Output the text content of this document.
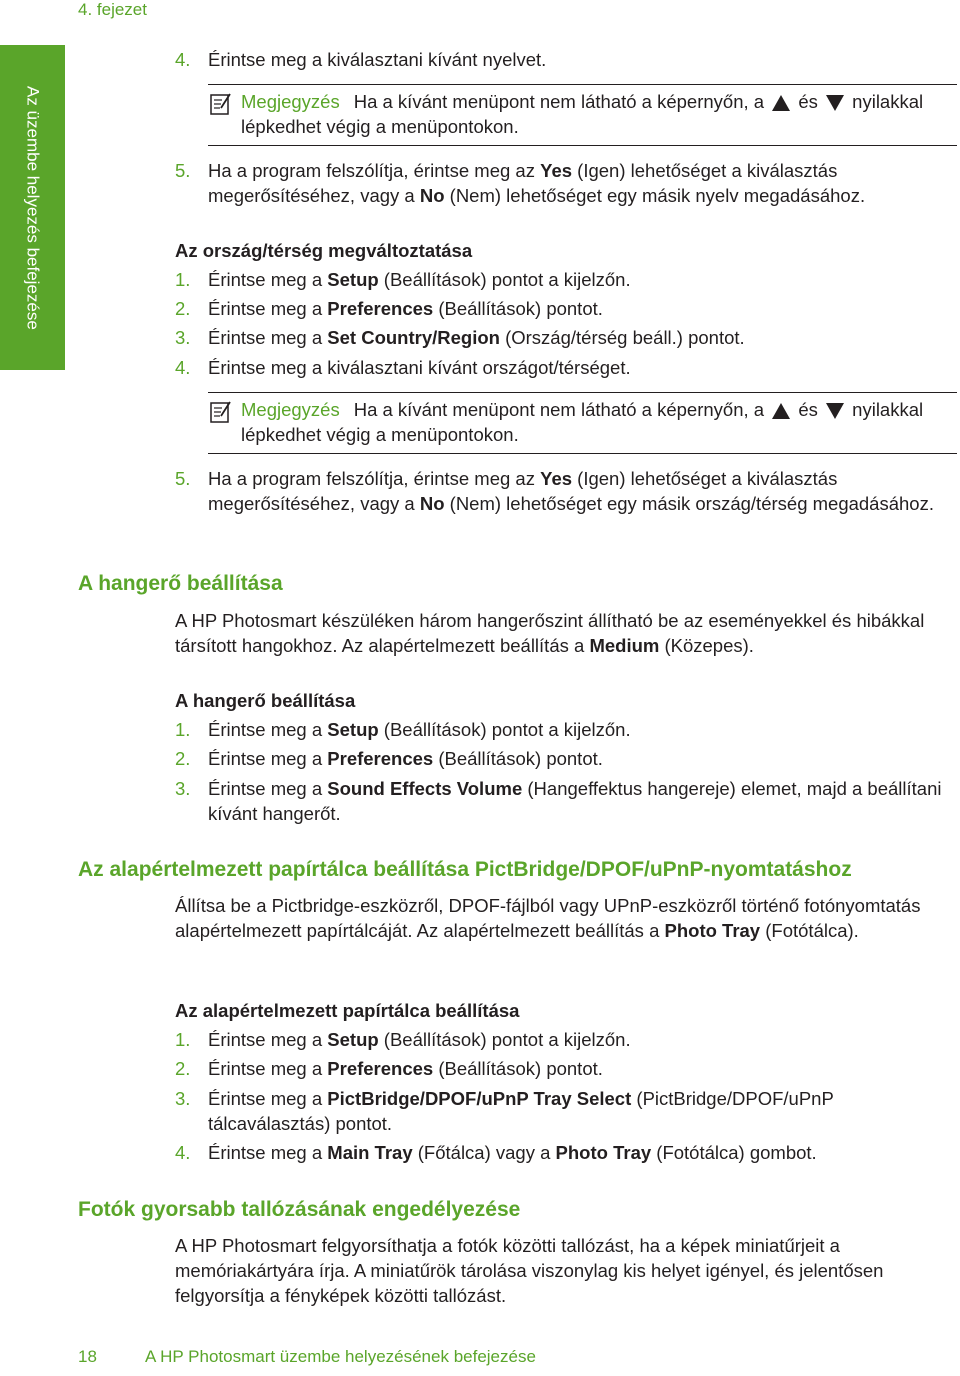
4. fejezet
Az üzembe helyezés befejezése
4. Érintse meg a kiválasztani kívánt nyelvet.
Megjegyzés Ha a kívánt menüpont nem látható a képernyőn, a és nyilakkal lépkedhet végig a menüpontokon.
5. Ha a program felszólítja, érintse meg az Yes (Igen) lehetőséget a kiválasztás megerősítéséhez, vagy a No (Nem) lehetőséget egy másik nyelv megadásához.
Az ország/térség megváltoztatása
1. Érintse meg a Setup (Beállítások) pontot a kijelzőn.
2. Érintse meg a Preferences (Beállítások) pontot.
3. Érintse meg a Set Country/Region (Ország/térség beáll.) pontot.
4. Érintse meg a kiválasztani kívánt országot/térséget.
Megjegyzés Ha a kívánt menüpont nem látható a képernyőn, a és nyilakkal lépkedhet végig a menüpontokon.
5. Ha a program felszólítja, érintse meg az Yes (Igen) lehetőséget a kiválasztás megerősítéséhez, vagy a No (Nem) lehetőséget egy másik ország/térség megadásához.
A hangerő beállítása
A HP Photosmart készüléken három hangerőszint állítható be az eseményekkel és hibákkal társított hangokhoz. Az alapértelmezett beállítás a Medium (Közepes).
A hangerő beállítása
1. Érintse meg a Setup (Beállítások) pontot a kijelzőn.
2. Érintse meg a Preferences (Beállítások) pontot.
3. Érintse meg a Sound Effects Volume (Hangeffektus hangereje) elemet, majd a beállítani kívánt hangerőt.
Az alapértelmezett papírtálca beállítása PictBridge/DPOF/uPnP-nyomtatáshoz
Állítsa be a Pictbridge-eszközről, DPOF-fájlból vagy UPnP-eszközről történő fotónyomtatás alapértelmezett papírtálcáját. Az alapértelmezett beállítás a Photo Tray (Fotótálca).
Az alapértelmezett papírtálca beállítása
1. Érintse meg a Setup (Beállítások) pontot a kijelzőn.
2. Érintse meg a Preferences (Beállítások) pontot.
3. Érintse meg a PictBridge/DPOF/uPnP Tray Select (PictBridge/DPOF/uPnP tálcaválasztás) pontot.
4. Érintse meg a Main Tray (Főtálca) vagy a Photo Tray (Fotótálca) gombot.
Fotók gyorsabb tallózásának engedélyezése
A HP Photosmart felgyorsíthatja a fotók közötti tallózást, ha a képek miniatűrjeit a memóriakártyára írja. A miniatűrök tárolása viszonylag kis helyet igényel, és jelentősen felgyorsítja a fényképek közötti tallózást.
18	A HP Photosmart üzembe helyezésének befejezése
